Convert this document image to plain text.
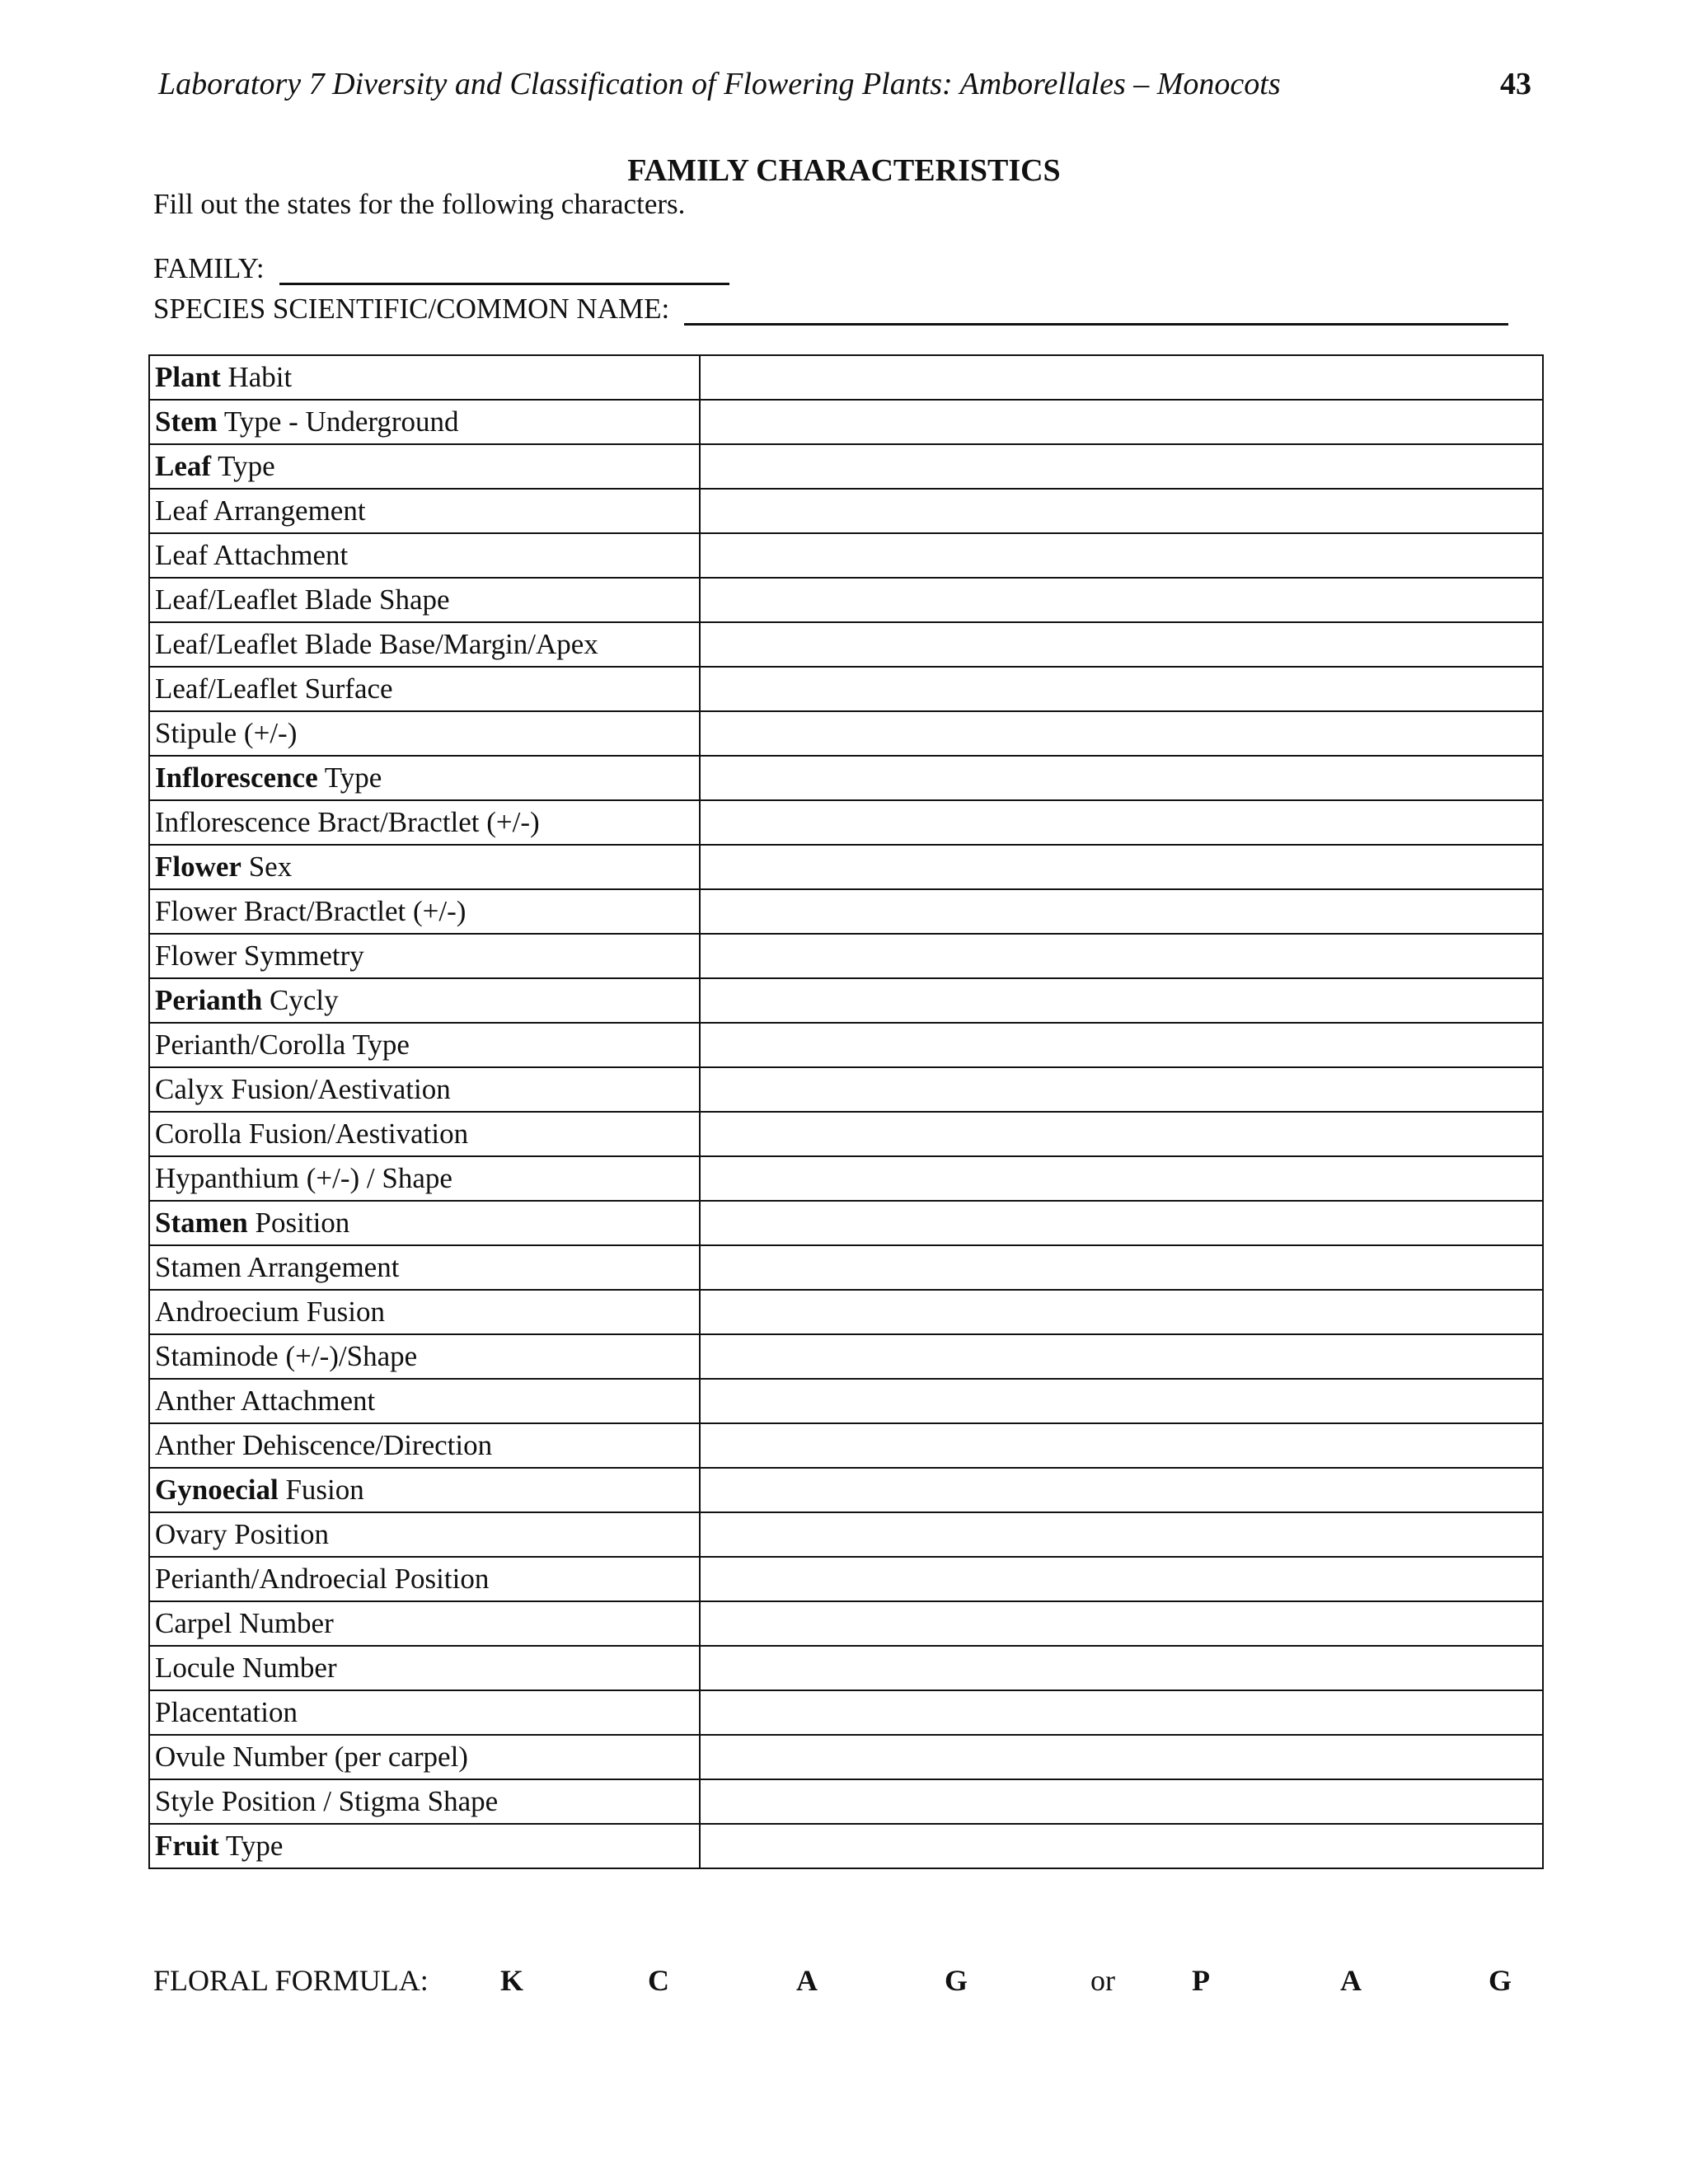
Laboratory 7 Diversity and Classification of Flowering Plants: Amborellales – Monocots	43
FAMILY CHARACTERISTICS
Fill out the states for the following characters.
FAMILY:
SPECIES SCIENTIFIC/COMMON NAME:
Plant Habit	
Stem Type - Underground	
Leaf Type	
Leaf Arrangement	
Leaf Attachment	
Leaf/Leaflet Blade Shape	
Leaf/Leaflet Blade Base/Margin/Apex	
Leaf/Leaflet Surface	
Stipule (+/-)	
Inflorescence Type	
Inflorescence Bract/Bractlet (+/-)	
Flower Sex	
Flower Bract/Bractlet (+/-)	
Flower Symmetry	
Perianth Cycly	
Perianth/Corolla Type	
Calyx Fusion/Aestivation	
Corolla Fusion/Aestivation	
Hypanthium (+/-) / Shape	
Stamen Position	
Stamen Arrangement	
Androecium Fusion	
Staminode (+/-)/Shape	
Anther Attachment	
Anther Dehiscence/Direction	
Gynoecial Fusion	
Ovary Position	
Perianth/Androecial Position	
Carpel Number	
Locule Number	
Placentation	
Ovule Number (per carpel)	
Style Position / Stigma Shape	
Fruit Type	
FLORAL FORMULA: K	C	A	G	or	P	A	G
